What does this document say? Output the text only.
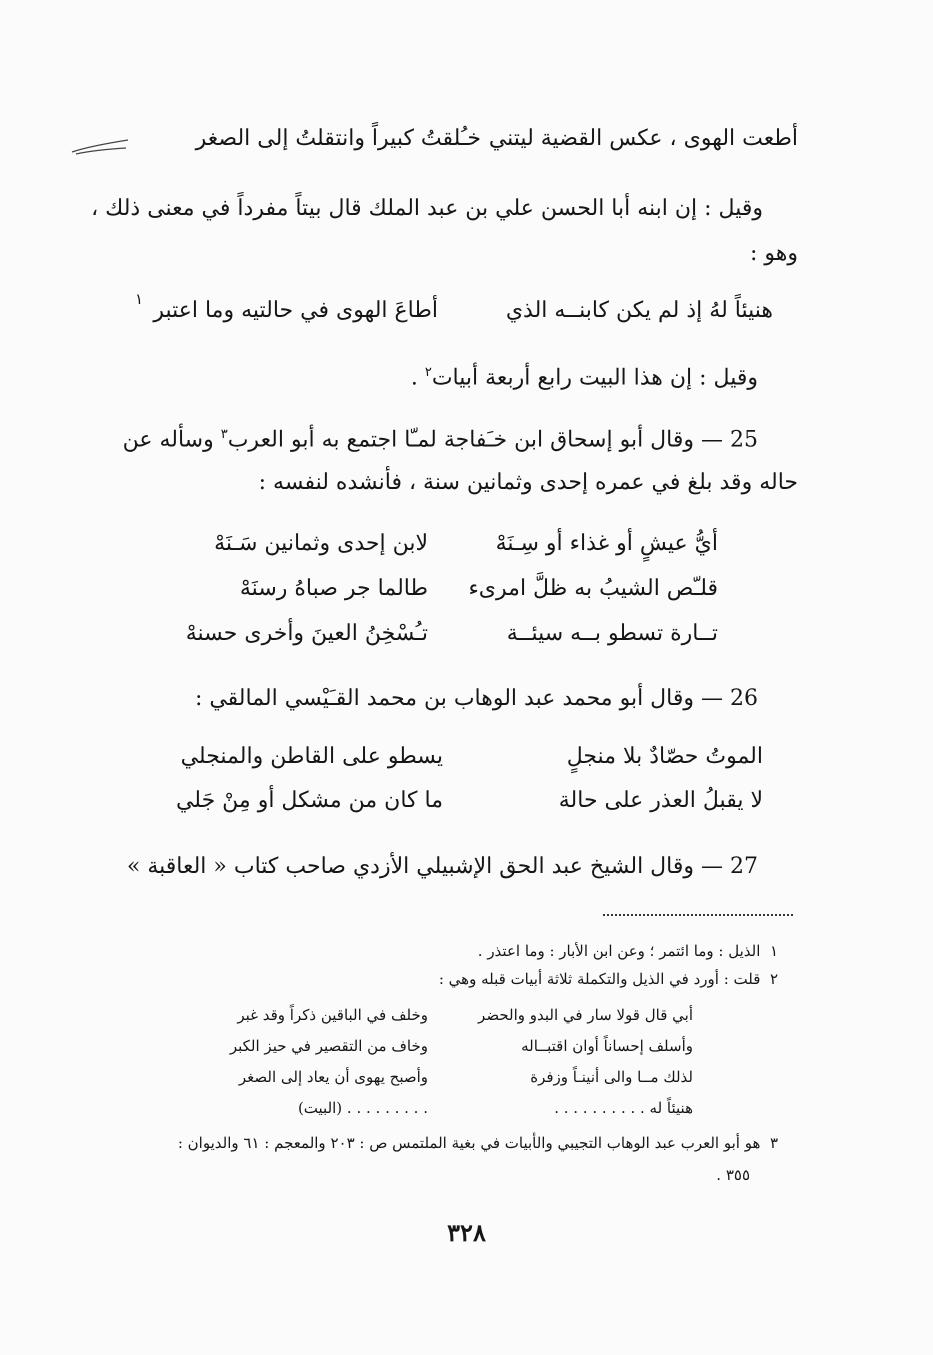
أطعت الهوى ، عكس القضية ليتني
خـُلقتُ كبيراً وانتقلتُ إلى الصغر
وقيل : إن ابنه أبا الحسن علي بن عبد الملك قال بيتاً مفرداً في معنى ذلك ،
وهو :
هنيئاً لهُ إذ لم يكن كابنــه الذي
أطاعَ الهوى في حالتيه وما اعتبر
١
وقيل : إن هذا البيت رابع أربعة أبيات$^٢$ .
25 — وقال أبو إسحاق ابن خـَفاجة لمـّا اجتمع به أبو العرب$^٣$ وسأله عن
حاله وقد بلغ في عمره إحدى وثمانين سنة ، فأنشده لنفسه :
أيُّ عيشٍ أو غذاء أو سِـنَهْ
لابن إحدى وثمانين سَـنَهْ
قلـّص الشيبُ به ظلَّ امرىء
طالما جر صباهُ رسنَهْ
تــارة تسطو بــه سيئــة
تـُسْخِنُ العينَ وأخرى حسنهْ
26 — وقال أبو محمد عبد الوهاب بن محمد القـَيْسي المالقي :
الموتُ حصّادٌ بلا منجلٍ
يسطو على القاطن والمنجلي
لا يقبلُ العذر على حالة
ما كان من مشكل أو مِنْ جَلي
27 — وقال الشيخ عبد الحق الإشبيلي الأزدي صاحب كتاب « العاقبة »
١  الذيل : وما ائتمر ؛ وعن ابن الأبار : وما اعتذر .
٢  قلت : أورد في الذيل والتكملة ثلاثة أبيات قبله وهي :
أبي قال قولا سار في البدو والحضر
وخلف في الباقين ذكراً وقد غبر
وأسلف إحساناً أوان اقتبــاله
وخاف من التقصير في حيز الكبر
لذلك مــا والى أنينـاً وزفرة
وأصبح يهوى أن يعاد إلى الصغر
هنيئاً له . . . . . . . . . .
. . . . . . . . . (البيت)
٣  هو أبو العرب عبد الوهاب التجيبي والأبيات في بغية الملتمس ص : ٢٠٣ والمعجم : ٦١ والديوان :
٣٥٥ .
٣٢٨
